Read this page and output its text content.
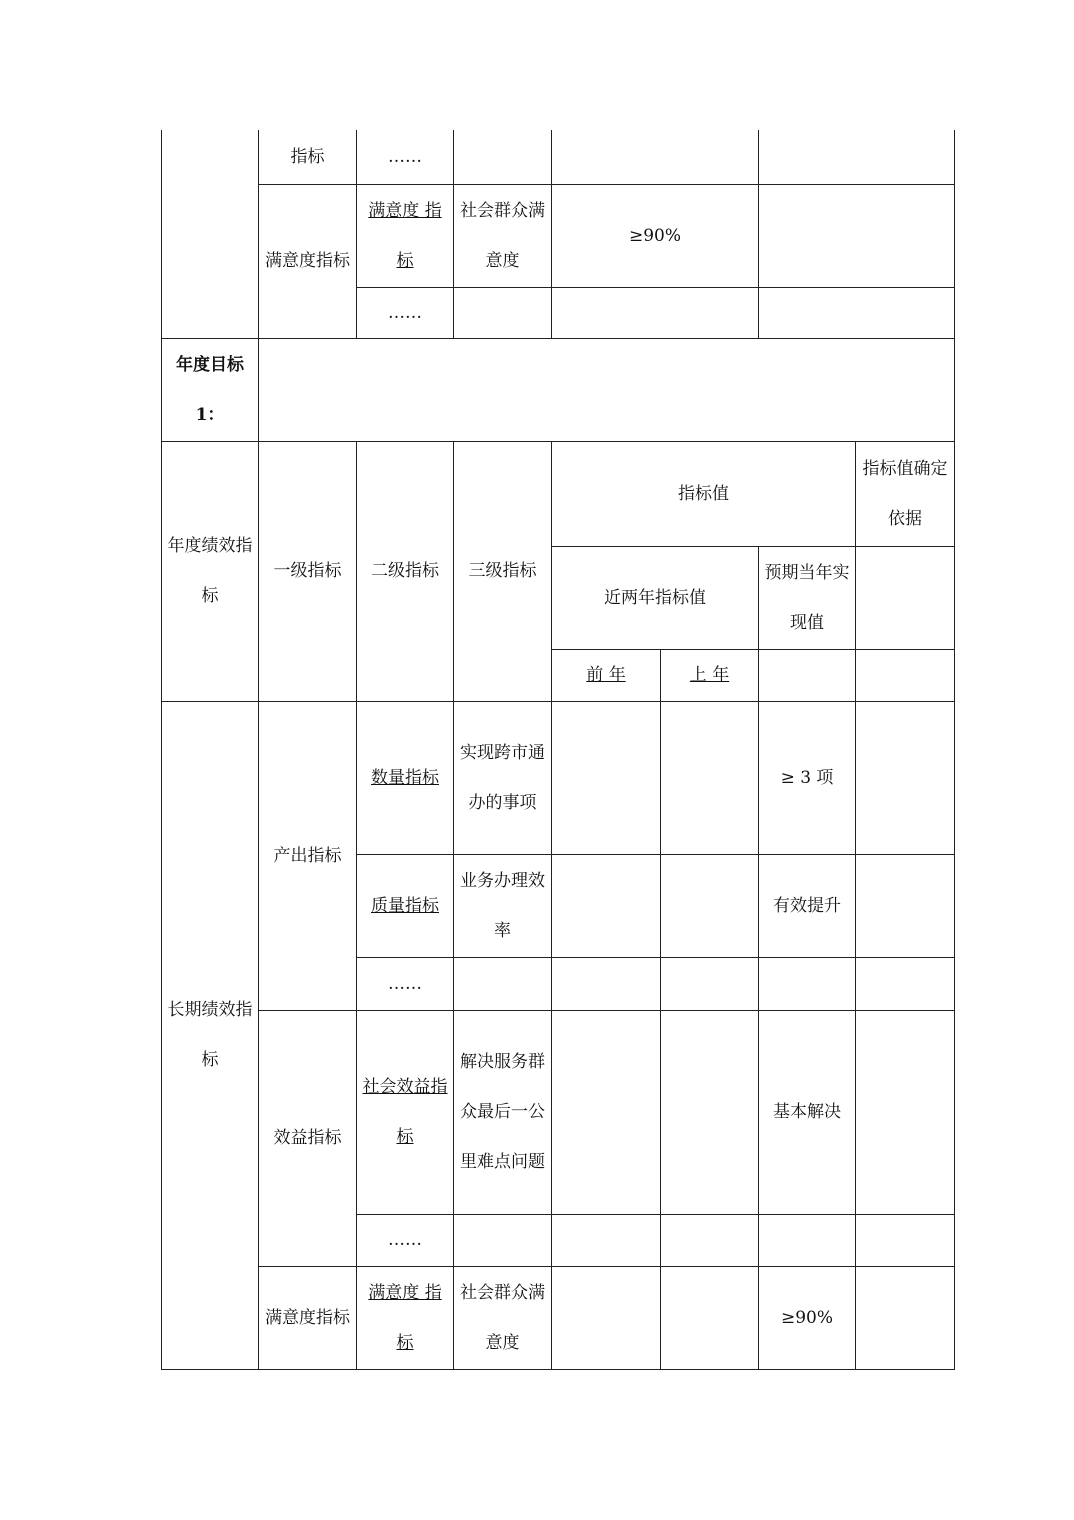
	指标	……					
	满意度指标	满意度 指标	社会群众满意度	≥90%			
		……					

年度目标1：							
年度绩效指标	一级指标	二级指标	三级指标	指标值			指标值确定依据
				近两年指标值		预期当年实现值	
				前 年	上 年		
长期绩效指标	产出指标	数量指标	实现跨市通办的事项			≥ 3 项	
		质量指标	业务办理效率			有效提升	
		……					
	效益指标	社会效益指标	解决服务群众最后一公里难点问题			基本解决	
		……					
	满意度指标	满意度 指标	社会群众满意度			≥90%	
